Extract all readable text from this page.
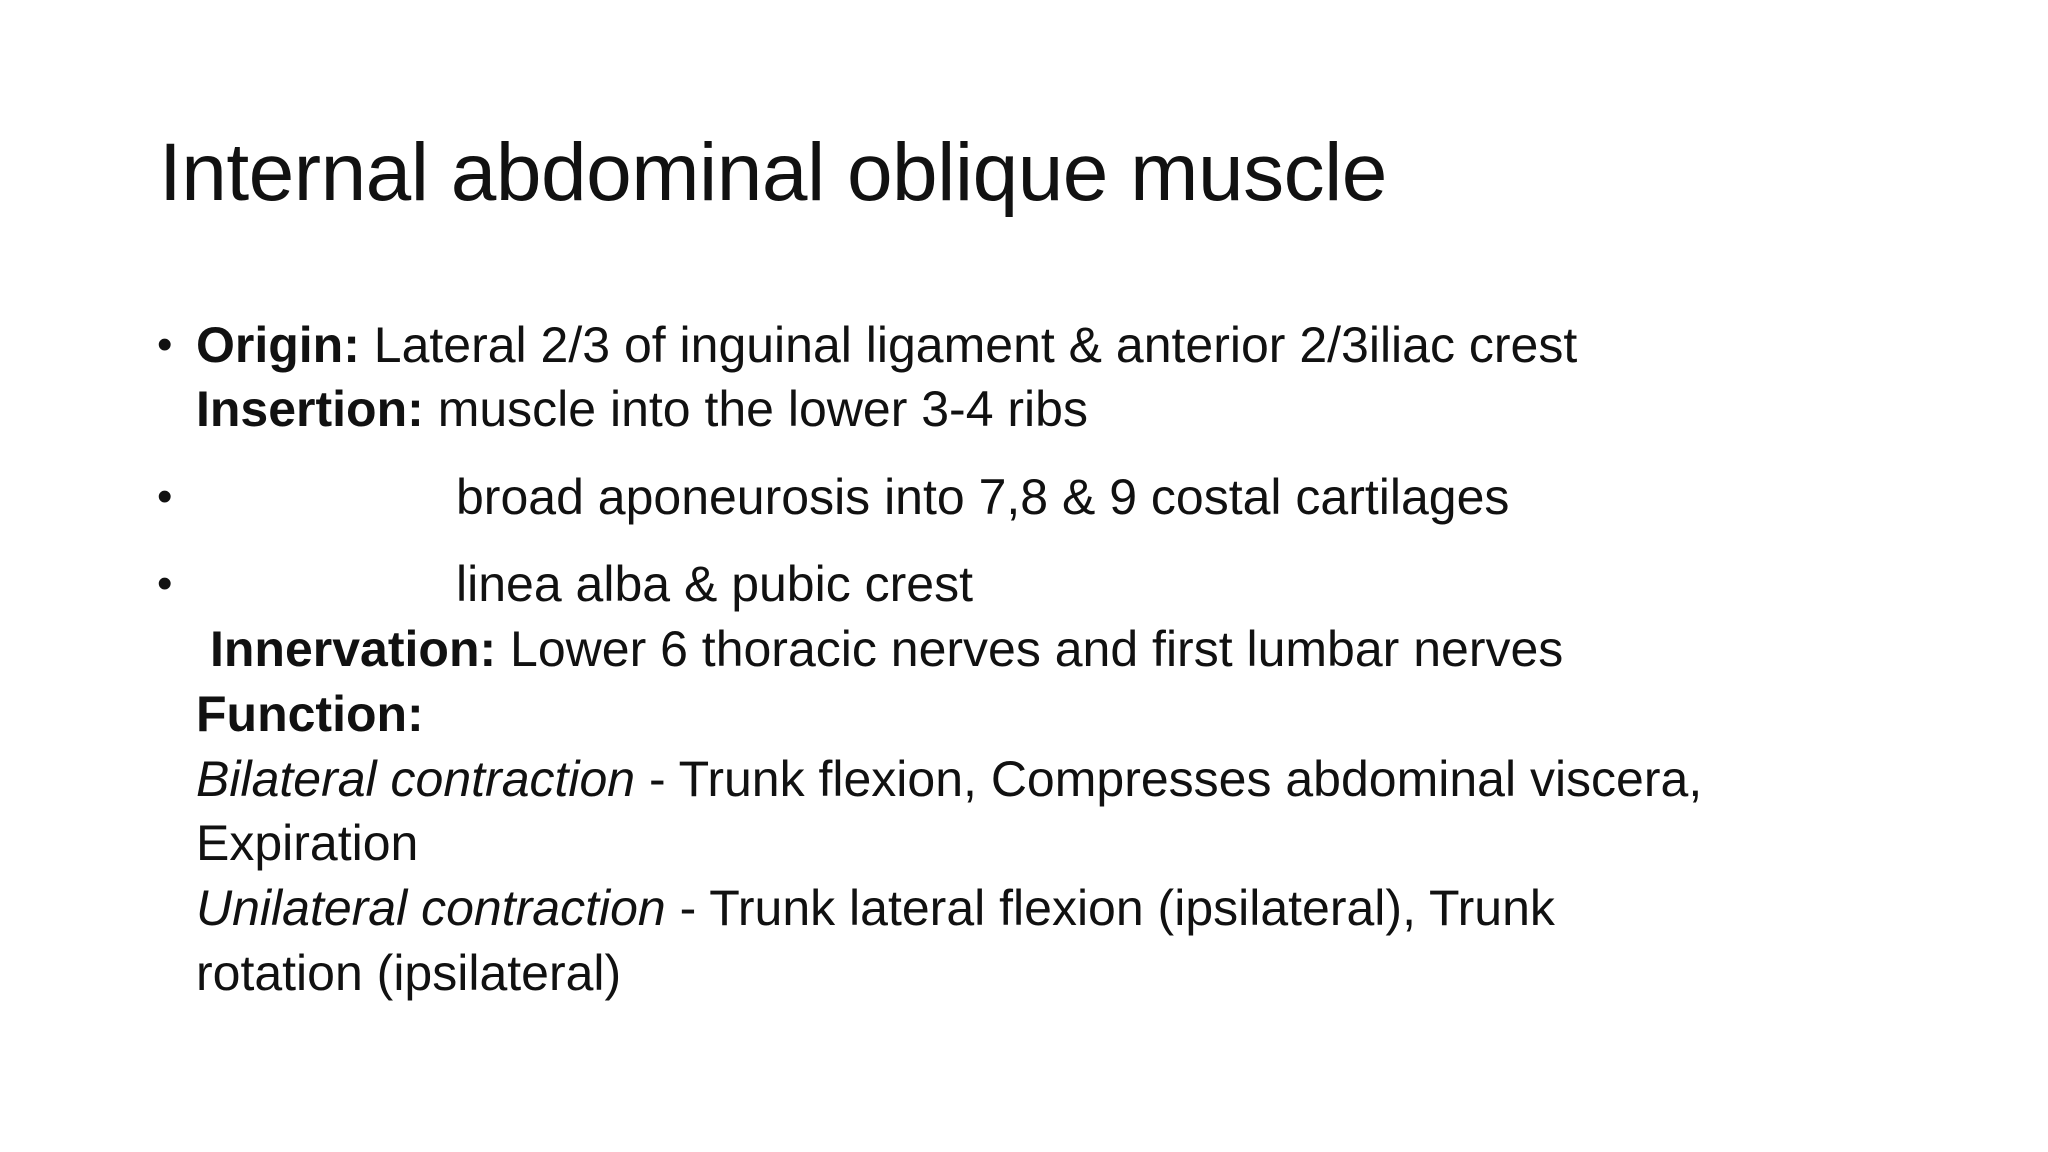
Internal abdominal oblique muscle
• Origin: Lateral 2/3 of inguinal ligament & anterior 2/3iliac crest
Insertion: muscle into the lower 3-4 ribs
•	broad aponeurosis into 7,8 & 9 costal cartilages
•	linea alba & pubic crest
Innervation: Lower 6 thoracic nerves and first lumbar nerves
Function:
Bilateral contraction - Trunk flexion, Compresses abdominal viscera,
Expiration
Unilateral contraction - Trunk lateral flexion (ipsilateral), Trunk
rotation (ipsilateral)
